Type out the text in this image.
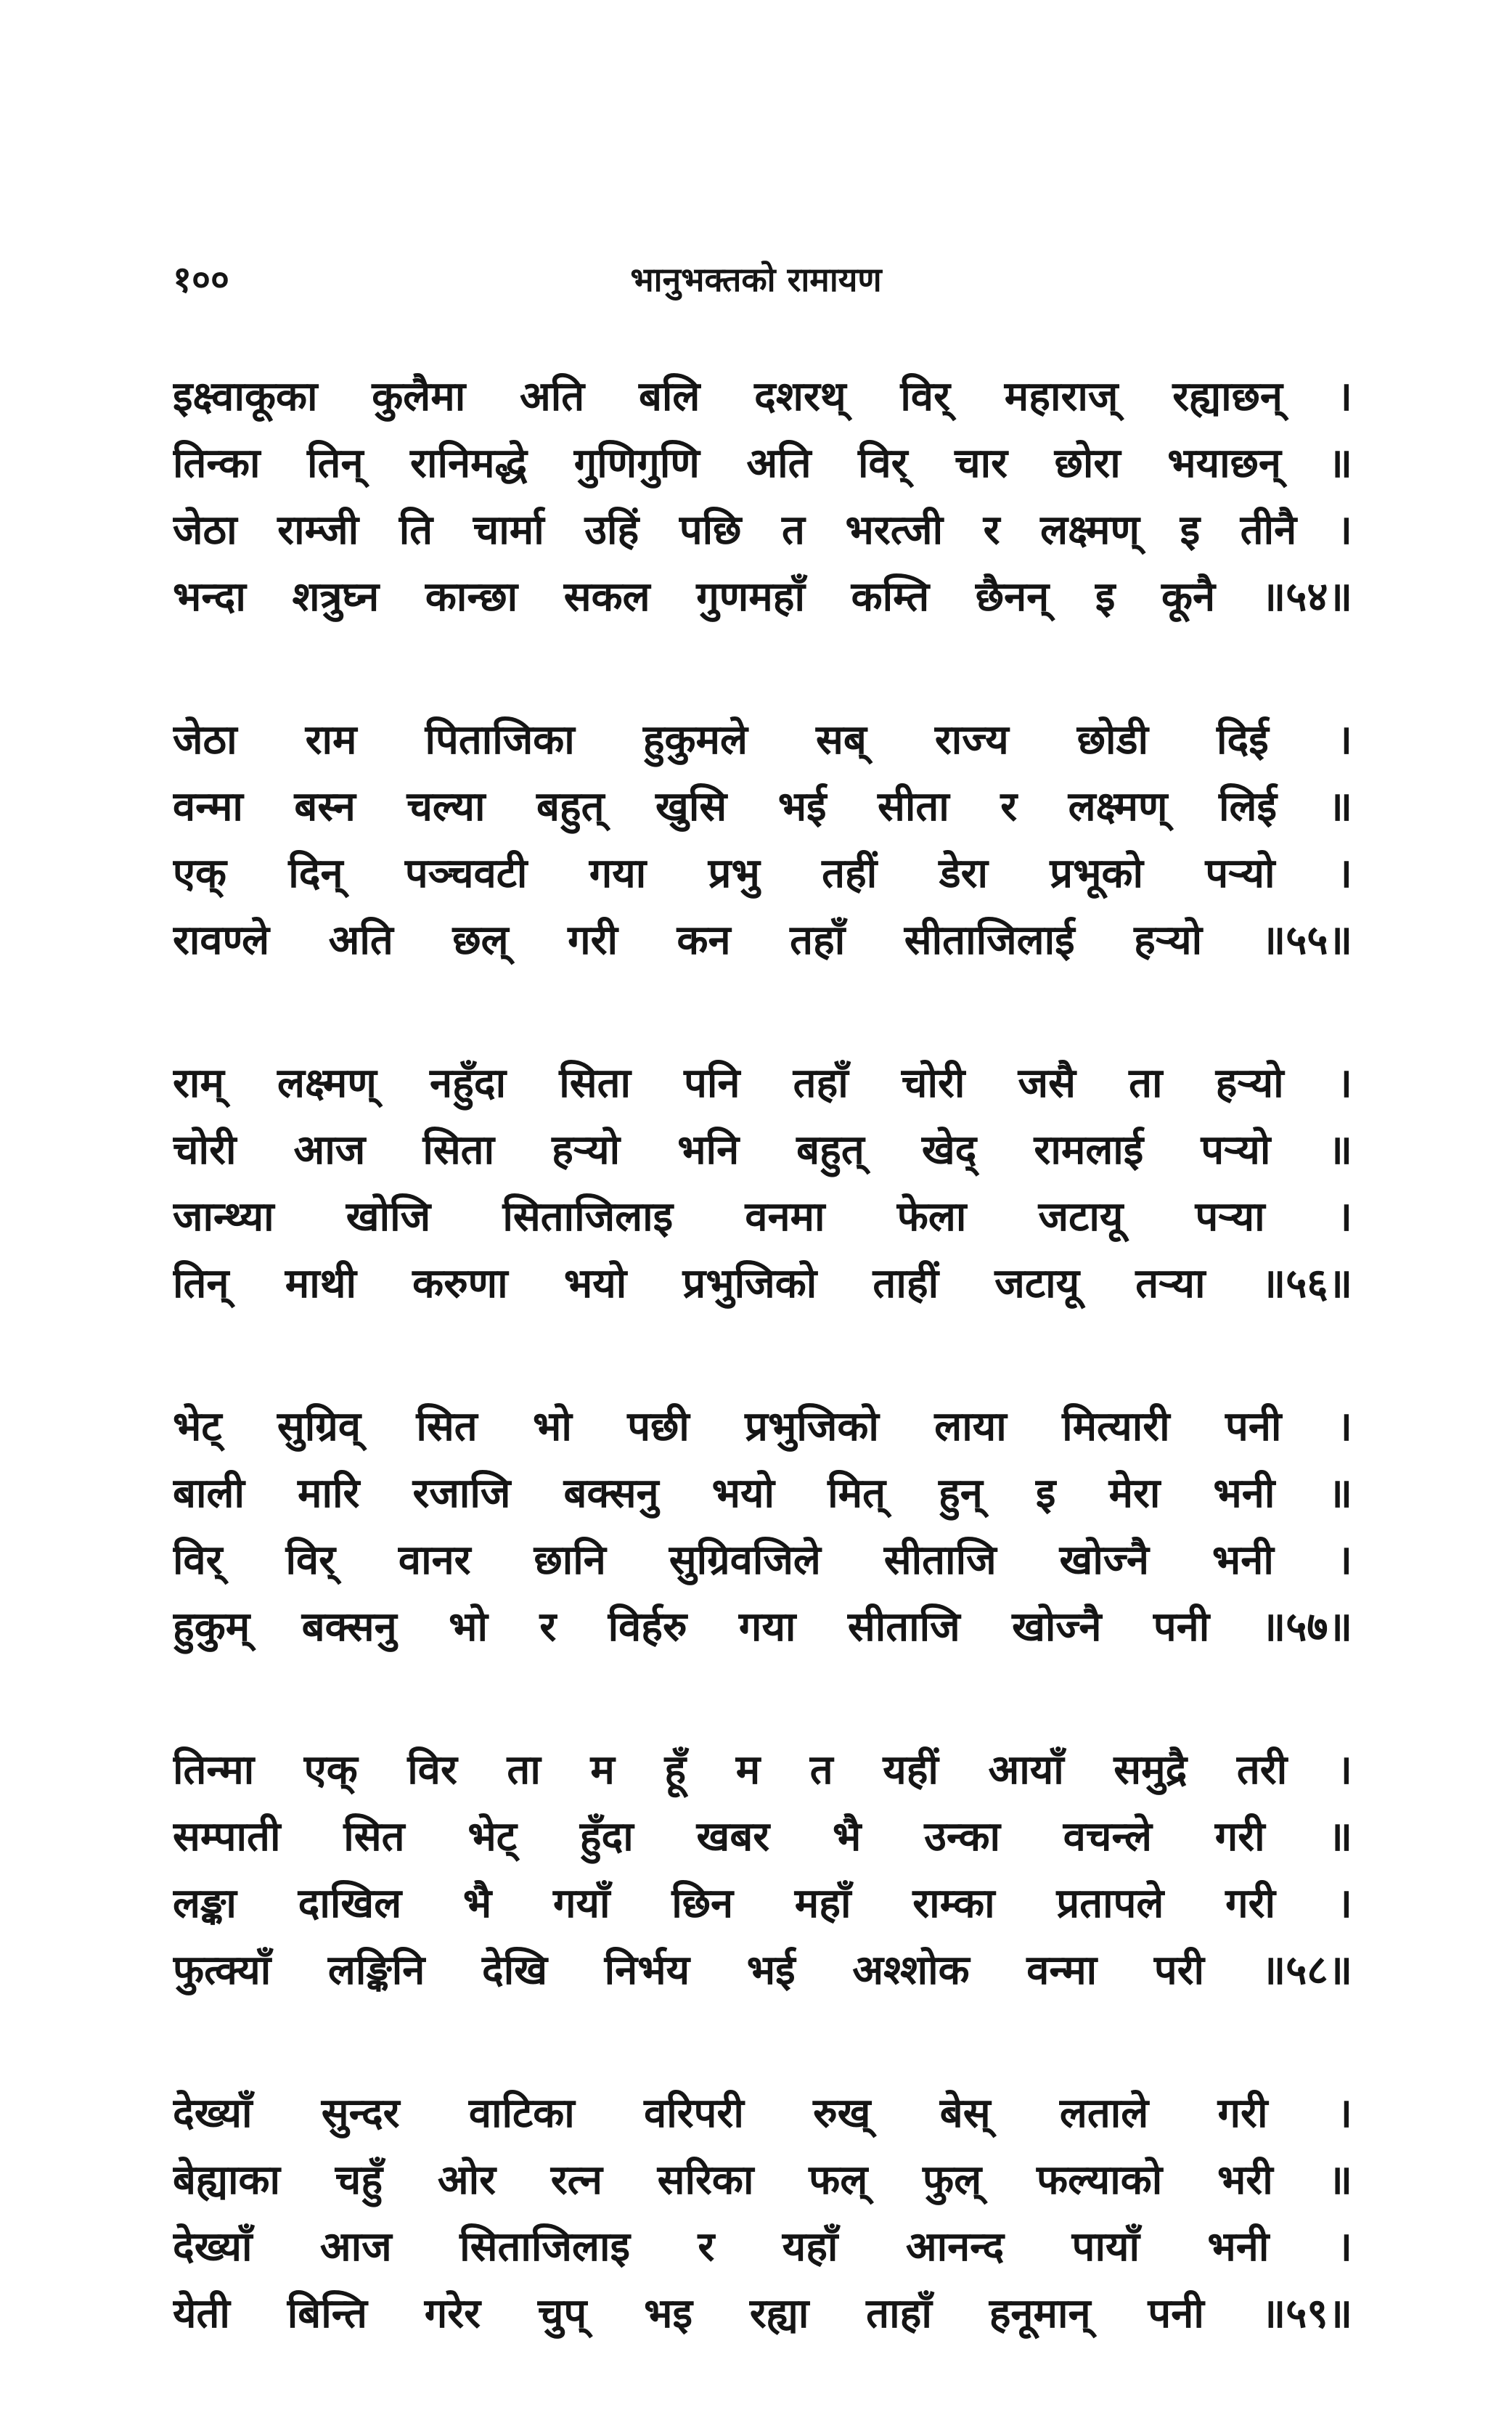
१००	भानुभक्तको रामायण
इक्ष्वाकूका कुलैमा अति बलि दशरथ् विर् महाराज् रह्याछन् ।
तिन्का तिन् रानिमद्धे गुणिगुणि अति विर् चार छोरा भयाछन् ॥
जेठा राम्जी ति चार्मा उहिं पछि त भरत्जी र लक्ष्मण् इ तीनै ।
भन्दा शत्रुघ्न कान्छा सकल गुणमहाँ कम्ति छैनन् इ कूनै ॥५४॥
जेठा राम पिताजिका हुकुमले सब् राज्य छोडी दिई ।
वन्मा बस्न चल्या बहुत् खुसि भई सीता र लक्ष्मण् लिई ॥
एक् दिन् पञ्चवटी गया प्रभु तहीं डेरा प्रभूको पऱ्यो ।
रावण्ले अति छल् गरी कन तहाँ सीताजिलाई हऱ्यो ॥५५॥
राम् लक्ष्मण् नहुँदा सिता पनि तहाँ चोरी जसै ता हऱ्यो ।
चोरी आज सिता हऱ्यो भनि बहुत् खेद् रामलाई पऱ्यो ॥
जान्थ्या खोजि सिताजिलाइ वनमा फेला जटायू पऱ्या ।
तिन् माथी करुणा भयो प्रभुजिको ताहीं जटायू तऱ्या ॥५६॥
भेट् सुग्रिव् सित भो पछी प्रभुजिको लाया मित्यारी पनी ।
बाली मारि रजाजि बक्सनु भयो मित् हुन् इ मेरा भनी ॥
विर् विर् वानर छानि सुग्रिवजिले सीताजि खोज्नै भनी ।
हुकुम् बक्सनु भो र विर्हरु गया सीताजि खोज्नै पनी ॥५७॥
तिन्मा एक् विर ता म हूँ म त यहीं आयाँ समुद्रै तरी ।
सम्पाती सित भेट् हुँदा खबर भै उन्का वचन्ले गरी ॥
लङ्का दाखिल भै गयाँ छिन महाँ राम्का प्रतापले गरी ।
फुत्क्याँ लङ्किनि देखि निर्भय भई अश्शोक वन्मा परी ॥५८॥
देख्याँ सुन्दर वाटिका वरिपरी रुख् बेस् लताले गरी ।
बेह्याका चहुँ ओर रत्न सरिका फल् फुल् फल्याको भरी ॥
देख्याँ आज सिताजिलाइ र यहाँ आनन्द पायाँ भनी ।
येती बिन्ति गरेर चुप् भइ रह्या ताहाँ हनूमान् पनी ॥५९॥
